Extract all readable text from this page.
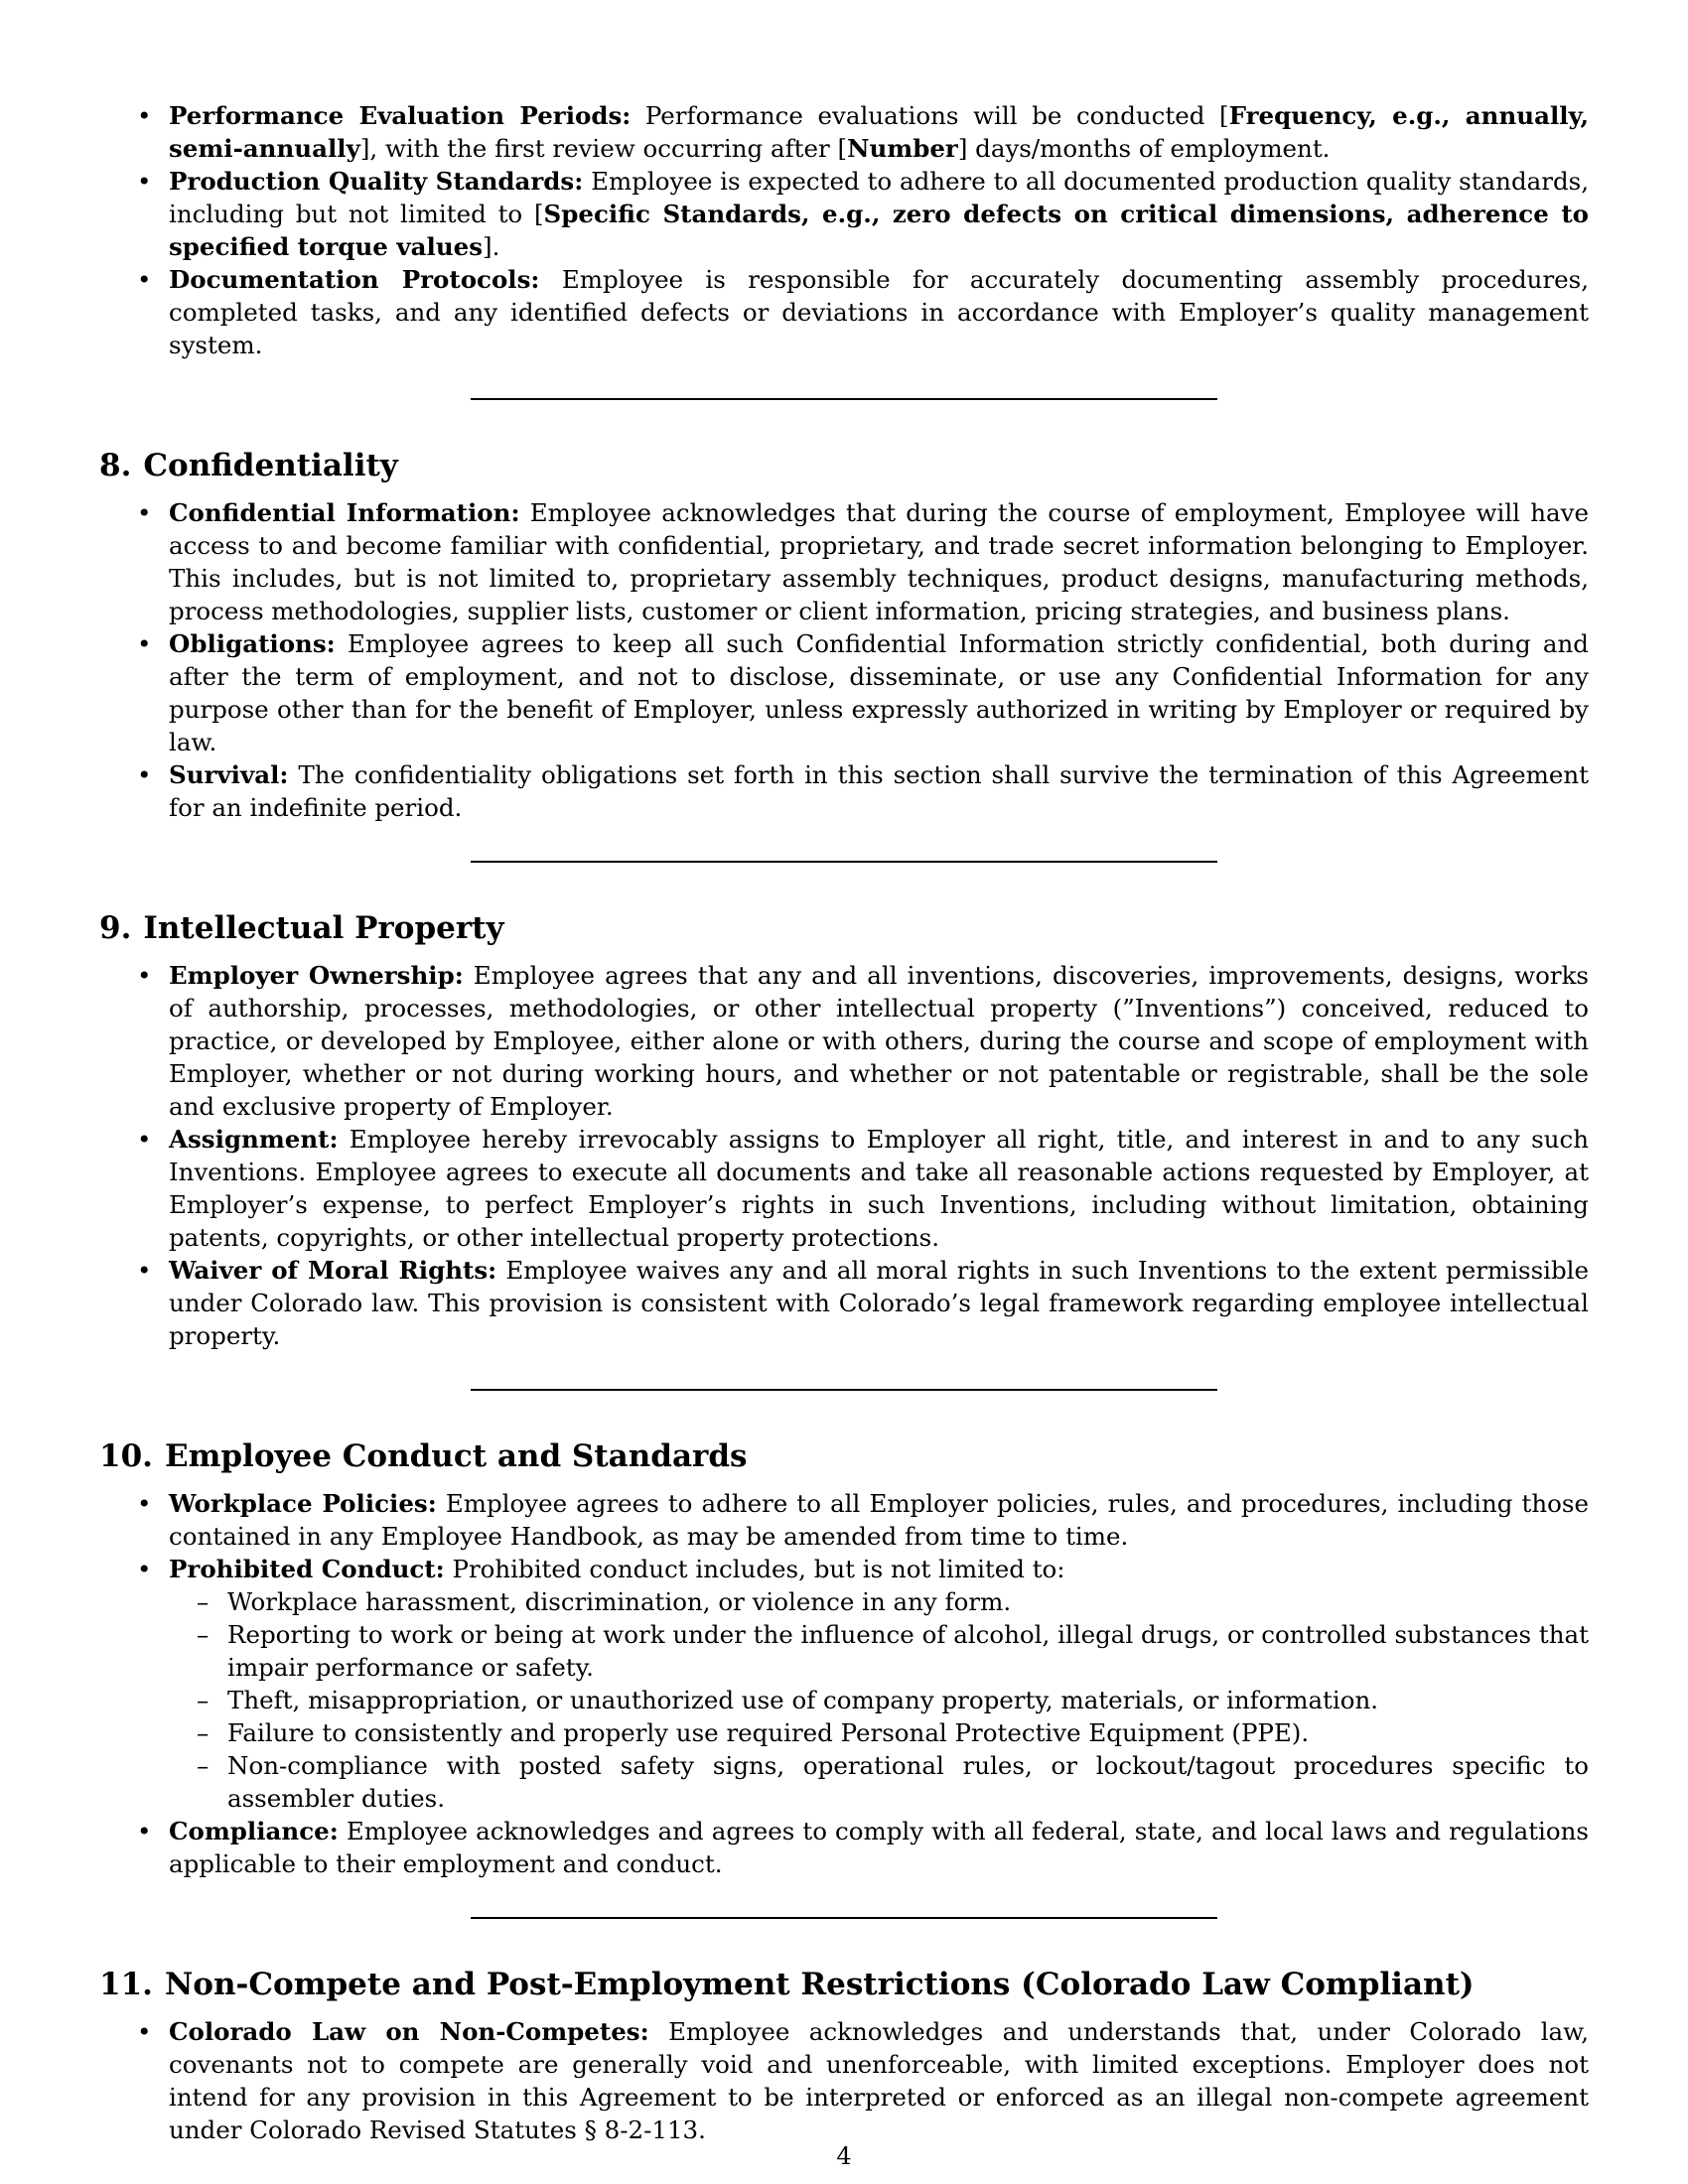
• Performance Evaluation Periods: Performance evaluations will be conducted [Frequency, e.g., annually, semi-annually], with the first review occurring after [Number] days/months of employment.
• Production Quality Standards: Employee is expected to adhere to all documented production quality standards, including but not limited to [Specific Standards, e.g., zero defects on critical dimensions, adherence to specified torque values].
• Documentation Protocols: Employee is responsible for accurately documenting assembly procedures, completed tasks, and any identified defects or deviations in accordance with Employer’s quality management system.
8. Confidentiality
• Confidential Information: Employee acknowledges that during the course of employment, Employee will have access to and become familiar with confidential, proprietary, and trade secret information belonging to Employer. This includes, but is not limited to, proprietary assembly techniques, product designs, manufacturing methods, process methodologies, supplier lists, customer or client information, pricing strategies, and business plans.
• Obligations: Employee agrees to keep all such Confidential Information strictly confidential, both during and after the term of employment, and not to disclose, disseminate, or use any Confidential Information for any purpose other than for the benefit of Employer, unless expressly authorized in writing by Employer or required by law.
• Survival: The confidentiality obligations set forth in this section shall survive the termination of this Agreement for an indefinite period.
9. Intellectual Property
• Employer Ownership: Employee agrees that any and all inventions, discoveries, improvements, designs, works of authorship, processes, methodologies, or other intellectual property (”Inventions”) conceived, reduced to practice, or developed by Employee, either alone or with others, during the course and scope of employment with Employer, whether or not during working hours, and whether or not patentable or registrable, shall be the sole and exclusive property of Employer.
• Assignment: Employee hereby irrevocably assigns to Employer all right, title, and interest in and to any such Inventions. Employee agrees to execute all documents and take all reasonable actions requested by Employer, at Employer’s expense, to perfect Employer’s rights in such Inventions, including without limitation, obtaining patents, copyrights, or other intellectual property protections.
• Waiver of Moral Rights: Employee waives any and all moral rights in such Inventions to the extent permissible under Colorado law. This provision is consistent with Colorado’s legal framework regarding employee intellectual property.
10. Employee Conduct and Standards
• Workplace Policies: Employee agrees to adhere to all Employer policies, rules, and procedures, including those contained in any Employee Handbook, as may be amended from time to time.
• Prohibited Conduct: Prohibited conduct includes, but is not limited to:
– Workplace harassment, discrimination, or violence in any form.
– Reporting to work or being at work under the influence of alcohol, illegal drugs, or controlled substances that impair performance or safety.
– Theft, misappropriation, or unauthorized use of company property, materials, or information.
– Failure to consistently and properly use required Personal Protective Equipment (PPE).
– Non-compliance with posted safety signs, operational rules, or lockout/tagout procedures specific to assembler duties.
• Compliance: Employee acknowledges and agrees to comply with all federal, state, and local laws and regulations applicable to their employment and conduct.
11. Non-Compete and Post-Employment Restrictions (Colorado Law Compliant)
• Colorado Law on Non-Competes: Employee acknowledges and understands that, under Colorado law, covenants not to compete are generally void and unenforceable, with limited exceptions. Employer does not intend for any provision in this Agreement to be interpreted or enforced as an illegal non-compete agreement under Colorado Revised Statutes § 8-2-113.
4
